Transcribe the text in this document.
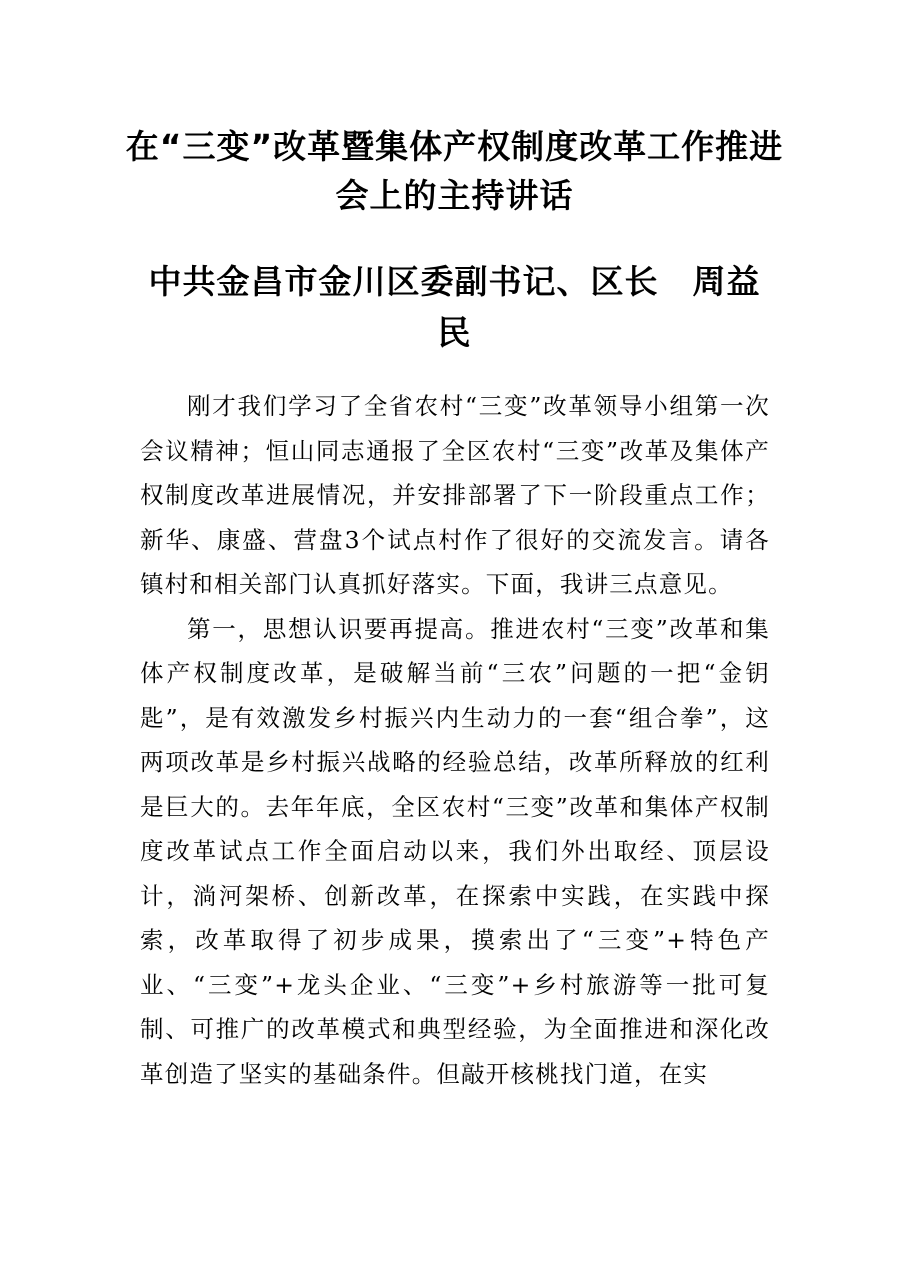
在“三变”改革暨集体产权制度改革工作推进会上的主持讲话
中共金昌市金川区委副书记、区长　周益民

刚才我们学习了全省农村“三变”改革领导小组第一次会议精神；恒山同志通报了全区农村“三变”改革及集体产权制度改革进展情况，并安排部署了下一阶段重点工作；新华、康盛、营盘3个试点村作了很好的交流发言。请各镇村和相关部门认真抓好落实。下面，我讲三点意见。

第一，思想认识要再提高。推进农村“三变”改革和集体产权制度改革，是破解当前“三农”问题的一把“金钥匙”，是有效激发乡村振兴内生动力的一套“组合拳”，这两项改革是乡村振兴战略的经验总结，改革所释放的红利是巨大的。去年年底，全区农村“三变”改革和集体产权制度改革试点工作全面启动以来，我们外出取经、顶层设计，淌河架桥、创新改革，在探索中实践，在实践中探索，改革取得了初步成果，摸索出了“三变”+特色产业、“三变”+龙头企业、“三变”+乡村旅游等一批可复制、可推广的改革模式和典型经验，为全面推进和深化改革创造了坚实的基础条件。但敲开核桃找门道，在实
